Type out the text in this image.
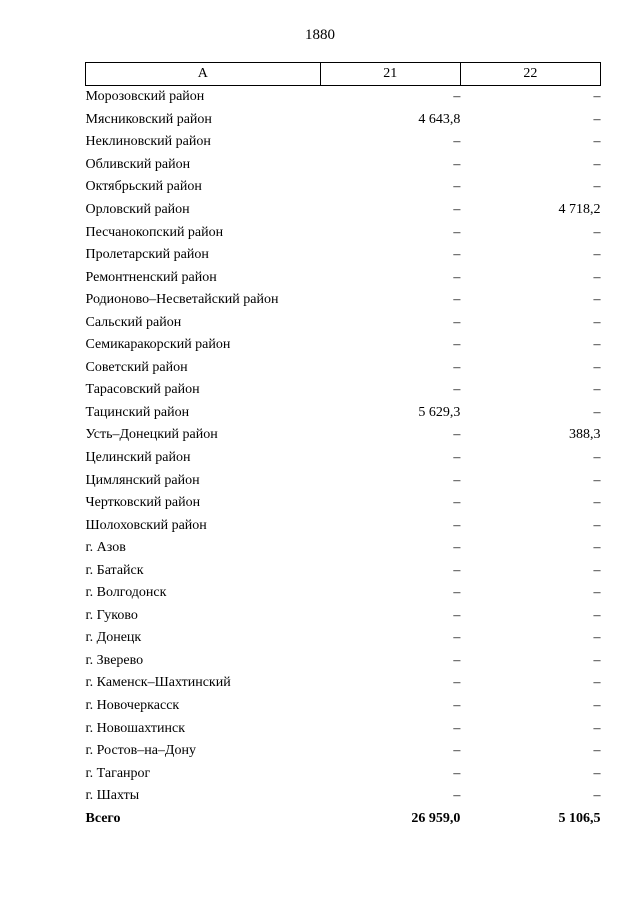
1880
А	21	22
Морозовский район	–	–
Мясниковский район	4 643,8	–
Неклиновский район	–	–
Обливский район	–	–
Октябрьский район	–	–
Орловский район	–	4 718,2
Песчанокопский район	–	–
Пролетарский район	–	–
Ремонтненский район	–	–
Родионово–Несветайский район	–	–
Сальский район	–	–
Семикаракорский район	–	–
Советский район	–	–
Тарасовский район	–	–
Тацинский район	5 629,3	–
Усть–Донецкий район	–	388,3
Целинский район	–	–
Цимлянский район	–	–
Чертковский район	–	–
Шолоховский район	–	–
г. Азов	–	–
г. Батайск	–	–
г. Волгодонск	–	–
г. Гуково	–	–
г. Донецк	–	–
г. Зверево	–	–
г. Каменск–Шахтинский	–	–
г. Новочеркасск	–	–
г. Новошахтинск	–	–
г. Ростов–на–Дону	–	–
г. Таганрог	–	–
г. Шахты	–	–
Всего	26 959,0	5 106,5
